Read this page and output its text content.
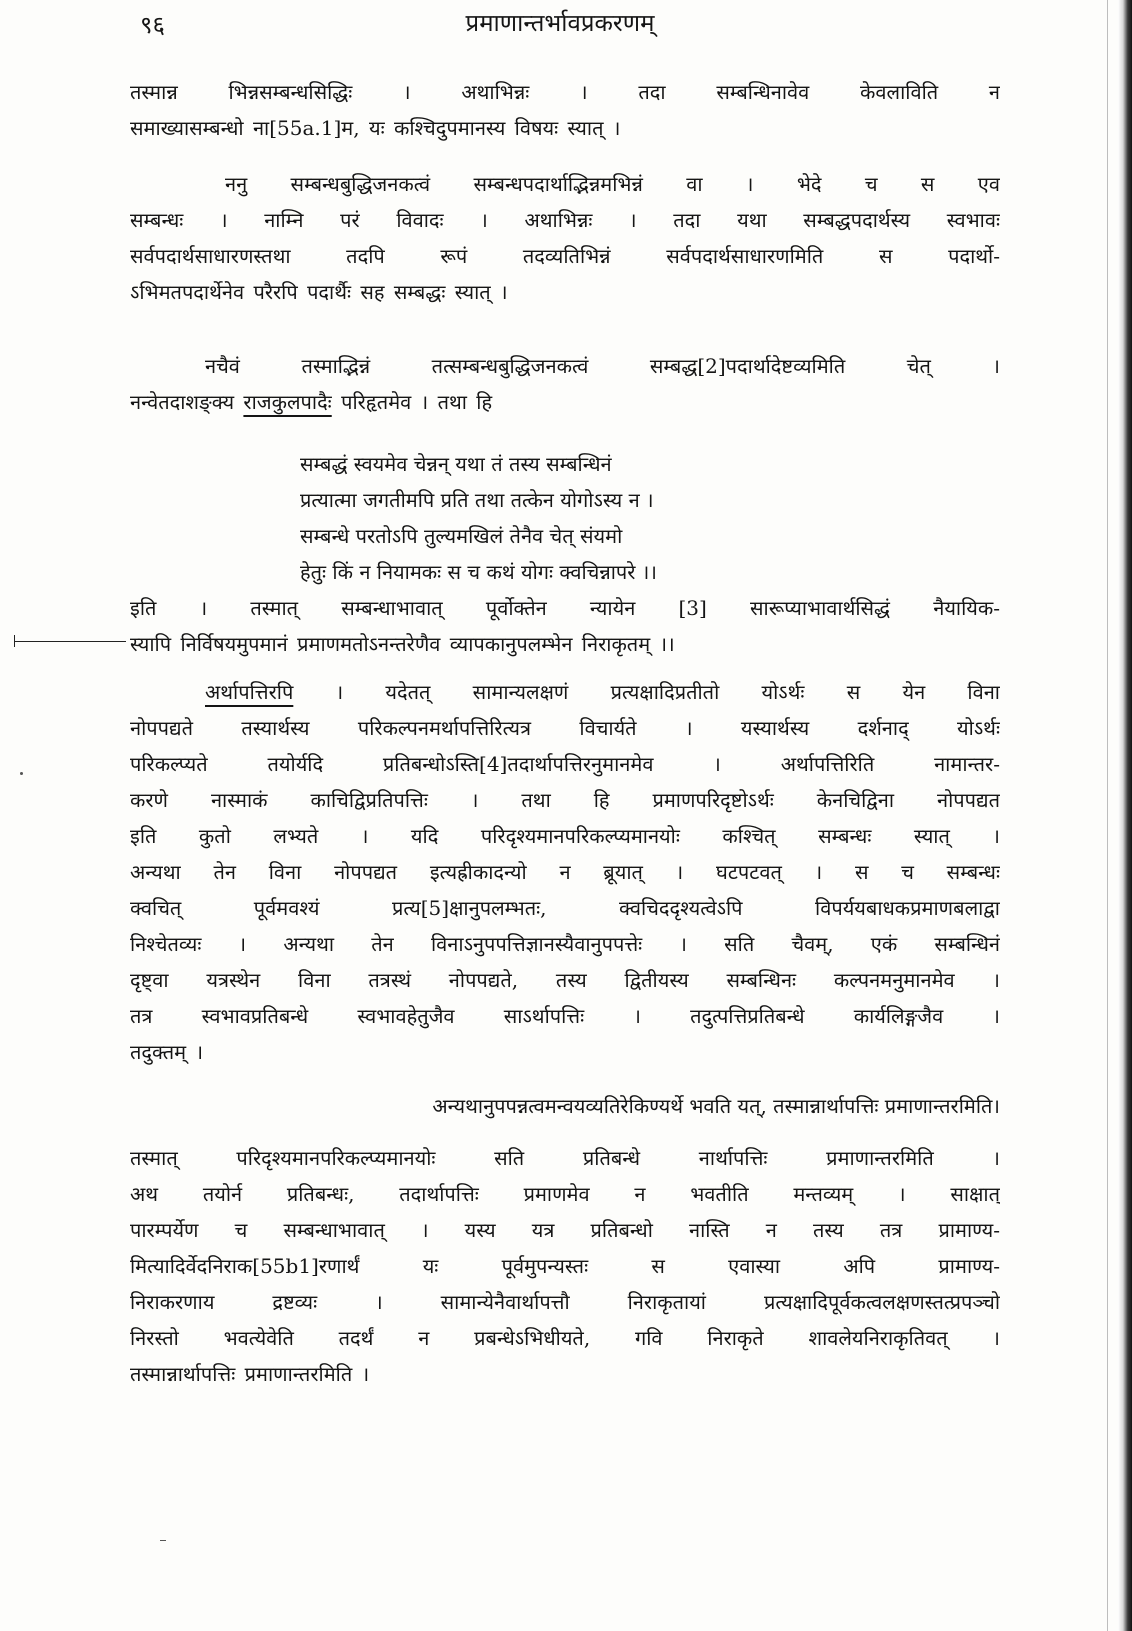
९६	प्रमाणान्तर्भावप्रकरणम्

तस्मान्न भिन्नसम्बन्धसिद्धिः । अथाभिन्नः । तदा सम्बन्धिनावेव केवलाविति न
समाख्यासम्बन्धो ना[55a.1]म, यः कश्चिदुपमानस्य विषयः स्यात् ।

ननु सम्बन्धबुद्धिजनकत्वं सम्बन्धपदार्थाद्भिन्नमभिन्नं वा । भेदे च स एव
सम्बन्धः । नाम्नि परं विवादः । अथाभिन्नः । तदा यथा सम्बद्धपदार्थस्य स्वभावः
सर्वपदार्थसाधारणस्तथा तदपि रूपं तदव्यतिभिन्नं सर्वपदार्थसाधारणमिति स पदार्थो-
ऽभिमतपदार्थेनेव परैरपि पदार्थैः सह सम्बद्धः स्यात् ।

नचैवं तस्माद्भिन्नं तत्सम्बन्धबुद्धिजनकत्वं सम्बद्ध[2]पदार्थादेष्टव्यमिति चेत् ।
नन्वेतदाशङ्क्य राजकुलपादैः परिहृतमेव । तथा हि

सम्बद्धं स्वयमेव चेन्नन् यथा तं तस्य सम्बन्धिनं
प्रत्यात्मा जगतीमपि प्रति तथा तत्केन योगोऽस्य न ।
सम्बन्धे परतोऽपि तुल्यमखिलं तेनैव चेत् संयमो
हेतुः किं न नियामकः स च कथं योगः क्वचिन्नापरे ।।

इति । तस्मात् सम्बन्धाभावात् पूर्वोक्तेन न्यायेन [3] सारूप्याभावार्थसिद्धं नैयायिक-
स्यापि निर्विषयमुपमानं प्रमाणमतोऽनन्तरेणैव व्यापकानुपलम्भेन निराकृतम् ।।

अर्थापत्तिरपि । यदेतत् सामान्यलक्षणं प्रत्यक्षादिप्रतीतो योऽर्थः स येन विना
नोपपद्यते तस्यार्थस्य परिकल्पनमर्थापत्तिरित्यत्र विचार्यते । यस्यार्थस्य दर्शनाद् योऽर्थः
परिकल्प्यते तयोर्यदि प्रतिबन्धोऽस्ति[4]तदार्थापत्तिरनुमानमेव । अर्थापत्तिरिति नामान्तर-
करणे नास्माकं काचिद्विप्रतिपत्तिः । तथा हि प्रमाणपरिदृष्टोऽर्थः केनचिद्विना नोपपद्यत
इति कुतो लभ्यते । यदि परिदृश्यमानपरिकल्प्यमानयोः कश्चित् सम्बन्धः स्यात् ।
अन्यथा तेन विना नोपपद्यत इत्यह्रीकादन्यो न ब्रूयात् । घटपटवत् । स च सम्बन्धः
क्वचित् पूर्वमवश्यं प्रत्य[5]क्षानुपलम्भतः, क्वचिददृश्यत्वेऽपि विपर्ययबाधकप्रमाणबलाद्वा
निश्चेतव्यः । अन्यथा तेन विनाऽनुपपत्तिज्ञानस्यैवानुपपत्तेः । सति चैवम्, एकं सम्बन्धिनं
दृष्ट्वा यत्रस्थेन विना तत्रस्थं नोपपद्यते, तस्य द्वितीयस्य सम्बन्धिनः कल्पनमनुमानमेव ।
तत्र स्वभावप्रतिबन्धे स्वभावहेतुजैव साऽर्थापत्तिः । तदुत्पत्तिप्रतिबन्धे कार्यलिङ्गजैव ।
तदुक्तम् ।

अन्यथानुपपन्नत्वमन्वयव्यतिरेकिण्यर्थे भवति यत्, तस्मान्नार्थापत्तिः प्रमाणान्तरमिति।

तस्मात् परिदृश्यमानपरिकल्प्यमानयोः सति प्रतिबन्धे नार्थापत्तिः प्रमाणान्तरमिति ।
अथ तयोर्न प्रतिबन्धः, तदार्थापत्तिः प्रमाणमेव न भवतीति मन्तव्यम् । साक्षात्
पारम्पर्येण च सम्बन्धाभावात् । यस्य यत्र प्रतिबन्धो नास्ति न तस्य तत्र प्रामाण्य-
मित्यादिर्वेदनिराक[55b1]रणार्थं यः पूर्वमुपन्यस्तः स एवास्या अपि प्रामाण्य-
निराकरणाय द्रष्टव्यः । सामान्येनैवार्थापत्तौ निराकृतायां प्रत्यक्षादिपूर्वकत्वलक्षणस्तत्प्रपञ्चो
निरस्तो भवत्येवेति तदर्थं न प्रबन्धेऽभिधीयते, गवि निराकृते शावलेयनिराकृतिवत् ।
तस्मान्नार्थापत्तिः प्रमाणान्तरमिति ।
